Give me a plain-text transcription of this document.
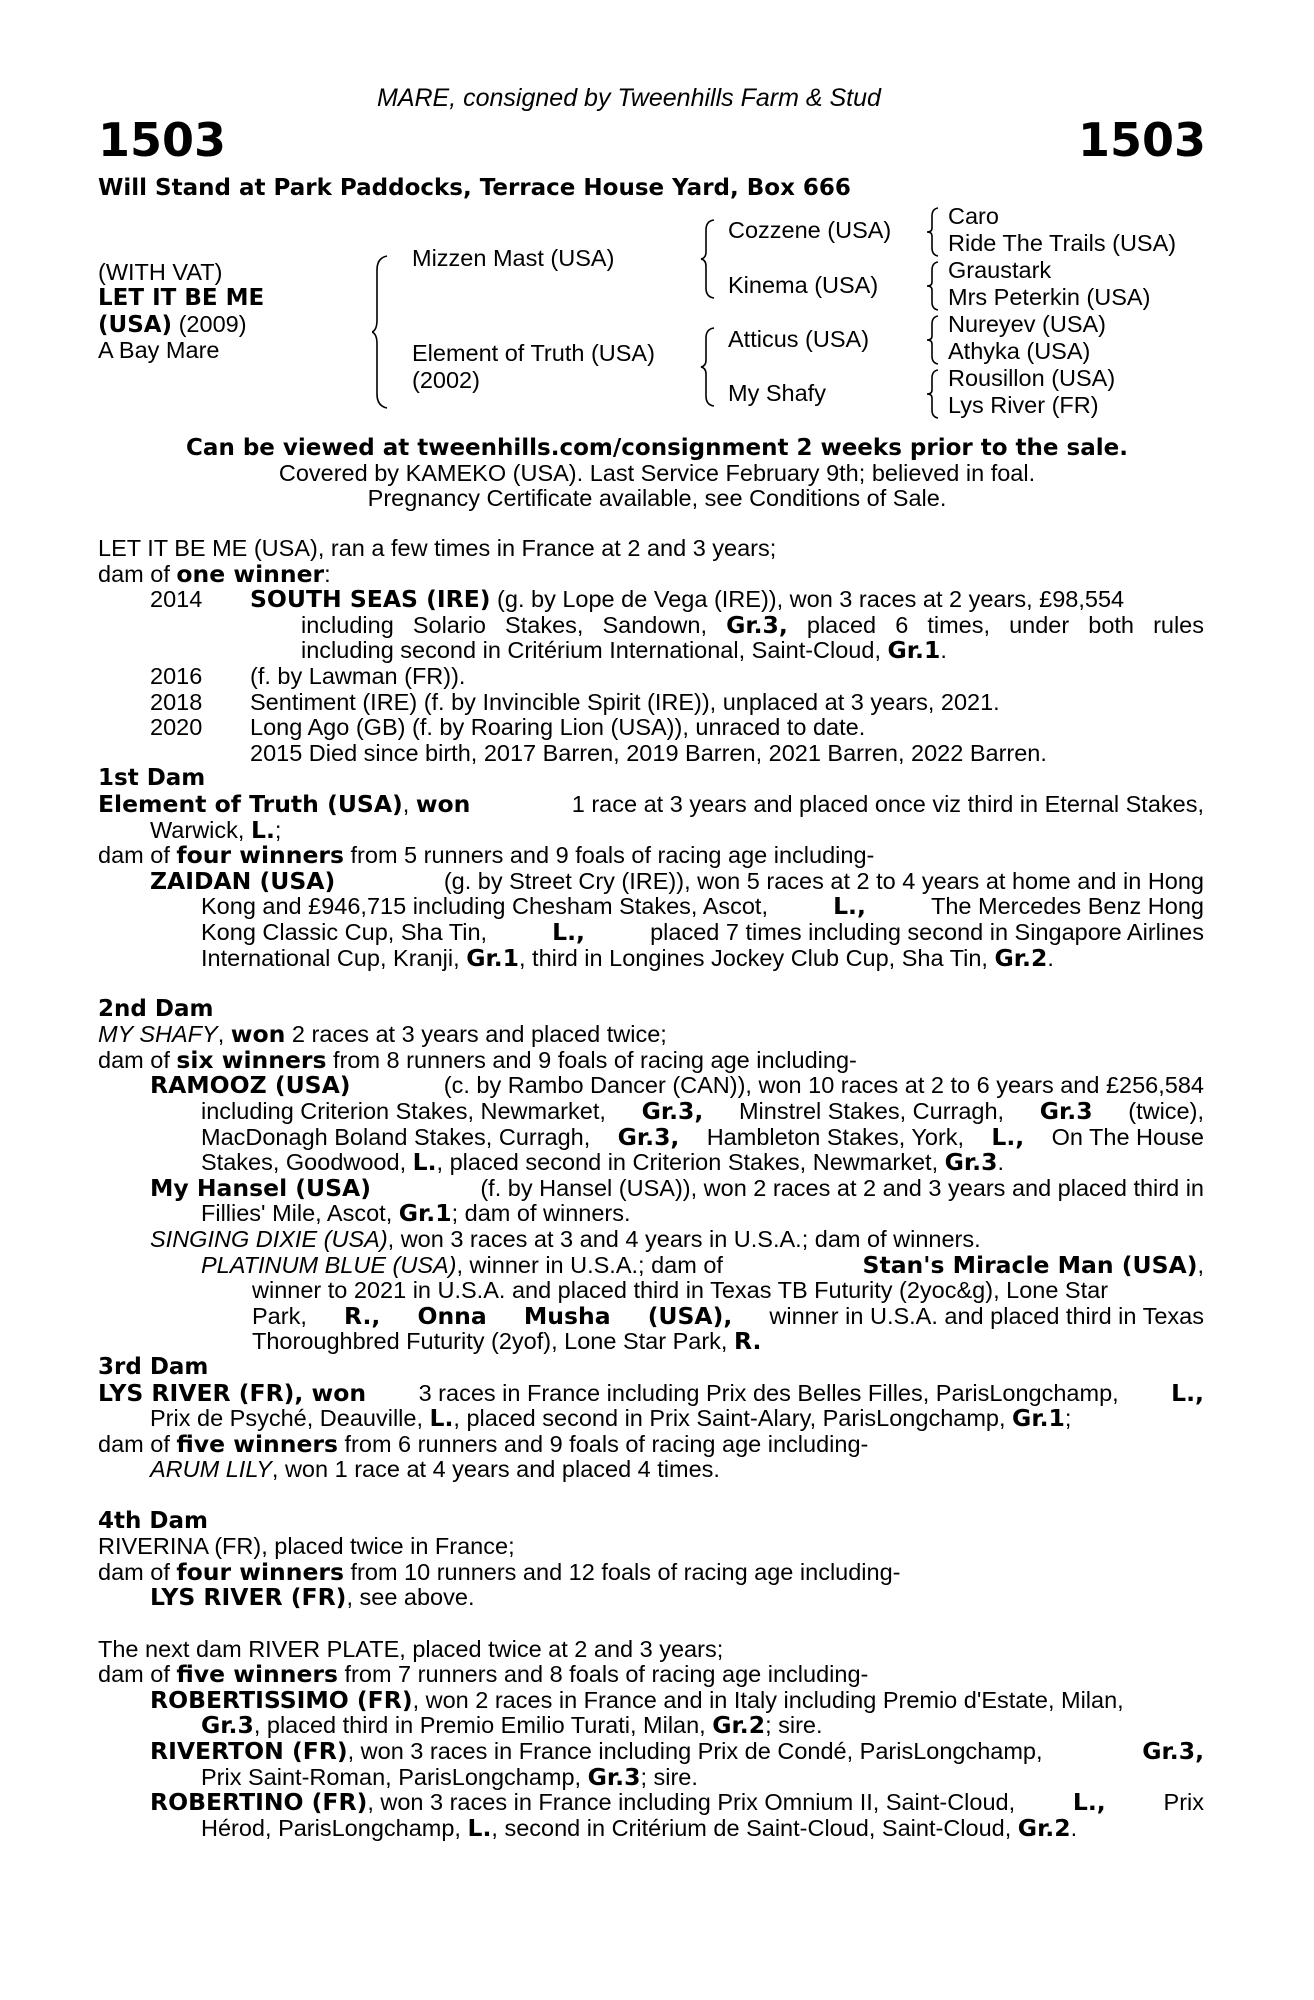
MARE, consigned by Tweenhills Farm & Stud
1503	1503
Will Stand at Park Paddocks, Terrace House Yard, Box 666
(WITH VAT)
LET IT BE ME
(USA) (2009)
A Bay Mare
Mizzen Mast (USA)
Element of Truth (USA)
(2002)
Cozzene (USA)
Kinema (USA)
Atticus (USA)
My Shafy
Caro
Ride The Trails (USA)
Graustark
Mrs Peterkin (USA)
Nureyev (USA)
Athyka (USA)
Rousillon (USA)
Lys River (FR)
Can be viewed at tweenhills.com/consignment 2 weeks prior to the sale.
Covered by KAMEKO (USA). Last Service February 9th; believed in foal.
Pregnancy Certificate available, see Conditions of Sale.
LET IT BE ME (USA), ran a few times in France at 2 and 3 years;
dam of one winner:
2014 SOUTH SEAS (IRE) (g. by Lope de Vega (IRE)), won 3 races at 2 years, £98,554
including Solario Stakes, Sandown, Gr.3, placed 6 times, under both rules
including second in Critérium International, Saint-Cloud, Gr.1.
2016 (f. by Lawman (FR)).
2018 Sentiment (IRE) (f. by Invincible Spirit (IRE)), unplaced at 3 years, 2021.
2020 Long Ago (GB) (f. by Roaring Lion (USA)), unraced to date.
2015 Died since birth, 2017 Barren, 2019 Barren, 2021 Barren, 2022 Barren.
1st Dam
Element of Truth (USA), won	1 race at 3 years and placed once viz third in Eternal Stakes,
Warwick, L.;
dam of four winners from 5 runners and 9 foals of racing age including-
ZAIDAN (USA)	(g. by Street Cry (IRE)), won 5 races at 2 to 4 years at home and in Hong
Kong and £946,715 including Chesham Stakes, Ascot,	L.,	The Mercedes Benz Hong
Kong Classic Cup, Sha Tin,	L.,	placed 7 times including second in Singapore Airlines
International Cup, Kranji, Gr.1, third in Longines Jockey Club Cup, Sha Tin, Gr.2.
2nd Dam
MY SHAFY, won 2 races at 3 years and placed twice;
dam of six winners from 8 runners and 9 foals of racing age including-
RAMOOZ (USA)	(c. by Rambo Dancer (CAN)), won 10 races at 2 to 6 years and £256,584
including Criterion Stakes, Newmarket, Gr.3, Minstrel Stakes, Curragh, Gr.3 (twice),
MacDonagh Boland Stakes, Curragh, Gr.3, Hambleton Stakes, York, L., On The House
Stakes, Goodwood, L., placed second in Criterion Stakes, Newmarket, Gr.3.
My Hansel (USA)	(f. by Hansel (USA)), won 2 races at 2 and 3 years and placed third in
Fillies' Mile, Ascot, Gr.1; dam of winners.
SINGING DIXIE (USA), won 3 races at 3 and 4 years in U.S.A.; dam of winners.
PLATINUM BLUE (USA), winner in U.S.A.; dam of	Stan's Miracle Man (USA),
winner to 2021 in U.S.A. and placed third in Texas TB Futurity (2yoc&g), Lone Star
Park, R., Onna Musha (USA), winner in U.S.A. and placed third in Texas
Thoroughbred Futurity (2yof), Lone Star Park, R.
3rd Dam
LYS RIVER (FR), won 3 races in France including Prix des Belles Filles, ParisLongchamp, L.,
Prix de Psyché, Deauville, L., placed second in Prix Saint-Alary, ParisLongchamp, Gr.1;
dam of five winners from 6 runners and 9 foals of racing age including-
ARUM LILY, won 1 race at 4 years and placed 4 times.
4th Dam
RIVERINA (FR), placed twice in France;
dam of four winners from 10 runners and 12 foals of racing age including-
LYS RIVER (FR), see above.
The next dam RIVER PLATE, placed twice at 2 and 3 years;
dam of five winners from 7 runners and 8 foals of racing age including-
ROBERTISSIMO (FR), won 2 races in France and in Italy including Premio d'Estate, Milan,
Gr.3, placed third in Premio Emilio Turati, Milan, Gr.2; sire.
RIVERTON (FR), won 3 races in France including Prix de Condé, ParisLongchamp,	Gr.3,
Prix Saint-Roman, ParisLongchamp, Gr.3; sire.
ROBERTINO (FR), won 3 races in France including Prix Omnium II, Saint-Cloud, L., Prix
Hérod, ParisLongchamp, L., second in Critérium de Saint-Cloud, Saint-Cloud, Gr.2.
